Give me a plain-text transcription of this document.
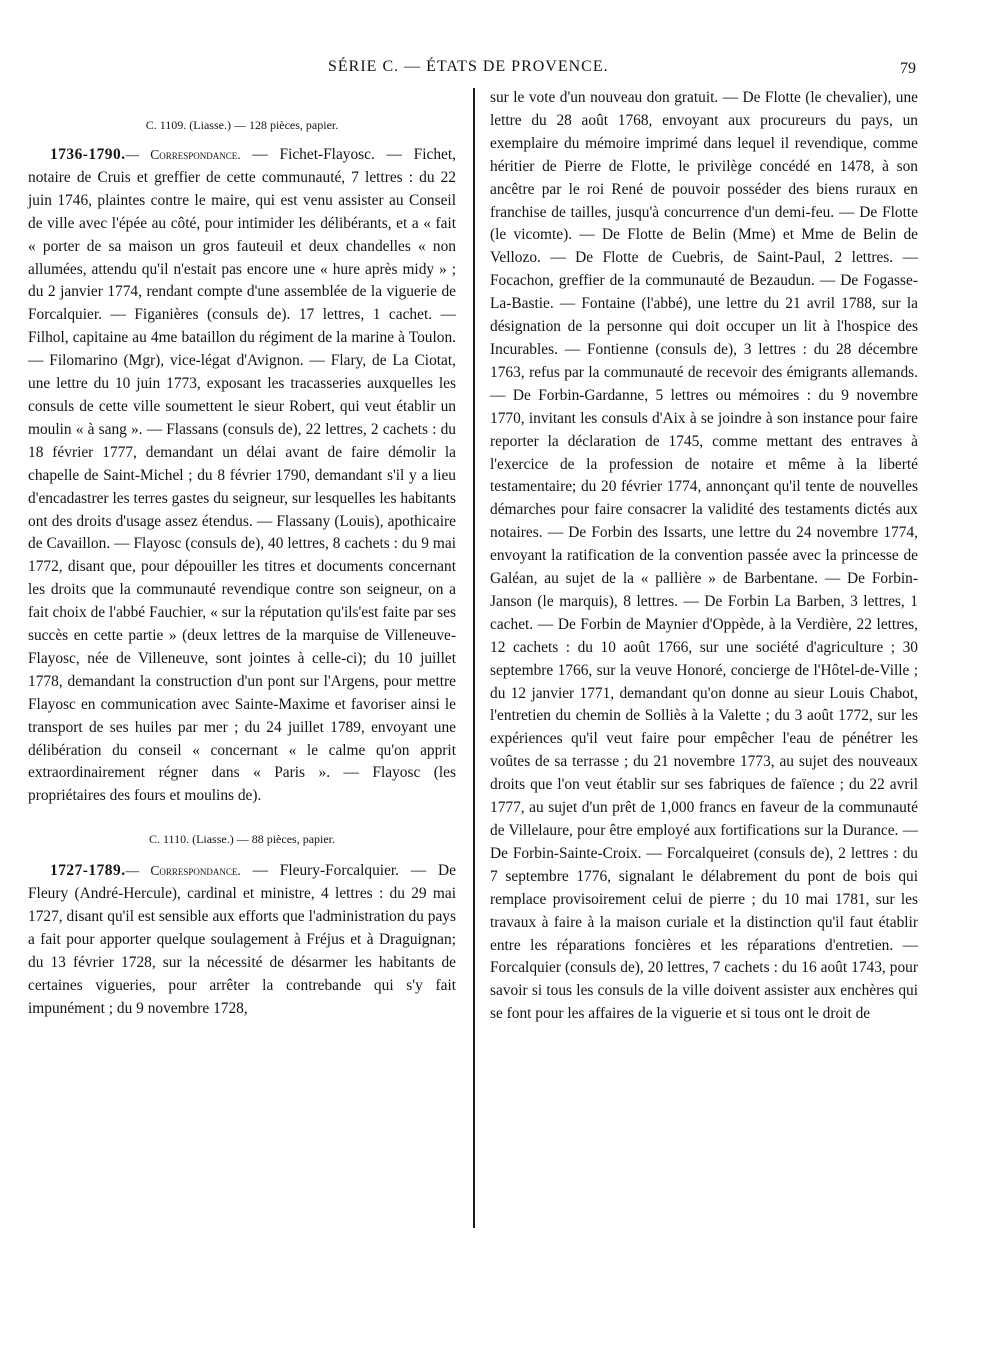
SÉRIE C. — ÉTATS DE PROVENCE.	79
C. 1109. (Liasse.) — 128 pièces, papier.

1736-1790.— Correspondance. — Fichet-Flayosc. — Fichet, notaire de Cruis et greffier de cette communauté, 7 lettres : du 22 juin 1746, plaintes contre le maire, qui est venu assister au Conseil de ville avec l'épée au côté, pour intimider les délibérants, et a « fait « porter de sa maison un gros fauteuil et deux chandelles « non allumées, attendu qu'il n'estait pas encore une « hure après midy » ; du 2 janvier 1774, rendant compte d'une assemblée de la viguerie de Forcalquier. — Figanières (consuls de). 17 lettres, 1 cachet. — Filhol, capitaine au 4me bataillon du régiment de la marine à Toulon. — Filomarino (Mgr), vice-légat d'Avignon. — Flary, de La Ciotat, une lettre du 10 juin 1773, exposant les tracasseries auxquelles les consuls de cette ville soumettent le sieur Robert, qui veut établir un moulin « à sang ». — Flassans (consuls de), 22 lettres, 2 cachets : du 18 février 1777, demandant un délai avant de faire démolir la chapelle de Saint-Michel ; du 8 février 1790, demandant s'il y a lieu d'encadastrer les terres gastes du seigneur, sur lesquelles les habitants ont des droits d'usage assez étendus. — Flassany (Louis), apothicaire de Cavaillon. — Flayosc (consuls de), 40 lettres, 8 cachets : du 9 mai 1772, disant que, pour dépouiller les titres et documents concernant les droits que la communauté revendique contre son seigneur, on a fait choix de l'abbé Fauchier, « sur la réputation qu'ils'est faite par ses succès en cette partie » (deux lettres de la marquise de Villeneuve-Flayosc, née de Villeneuve, sont jointes à celle-ci); du 10 juillet 1778, demandant la construction d'un pont sur l'Argens, pour mettre Flayosc en communication avec Sainte-Maxime et favoriser ainsi le transport de ses huiles par mer ; du 24 juillet 1789, envoyant une délibération du conseil « concernant « le calme qu'on apprit extraordinairement régner dans « Paris ». — Flayosc (les propriétaires des fours et moulins de).

C. 1110. (Liasse.) — 88 pièces, papier.

1727-1789.— Correspondance. — Fleury-Forcalquier. — De Fleury (André-Hercule), cardinal et ministre, 4 lettres : du 29 mai 1727, disant qu'il est sensible aux efforts que l'administration du pays a fait pour apporter quelque soulagement à Fréjus et à Draguignan; du 13 février 1728, sur la nécessité de désarmer les habitants de certaines vigueries, pour arrêter la contrebande qui s'y fait impunément ; du 9 novembre 1728,

sur le vote d'un nouveau don gratuit. — De Flotte (le chevalier), une lettre du 28 août 1768, envoyant aux procureurs du pays, un exemplaire du mémoire imprimé dans lequel il revendique, comme héritier de Pierre de Flotte, le privilège concédé en 1478, à son ancêtre par le roi René de pouvoir posséder des biens ruraux en franchise de tailles, jusqu'à concurrence d'un demi-feu. — De Flotte (le vicomte). — De Flotte de Belin (Mme) et Mme de Belin de Vellozo. — De Flotte de Cuebris, de Saint-Paul, 2 lettres. — Focachon, greffier de la communauté de Bezaudun. — De Fogasse-La-Bastie. — Fontaine (l'abbé), une lettre du 21 avril 1788, sur la désignation de la personne qui doit occuper un lit à l'hospice des Incurables. — Fontienne (consuls de), 3 lettres : du 28 décembre 1763, refus par la communauté de recevoir des émigrants allemands. — De Forbin-Gardanne, 5 lettres ou mémoires : du 9 novembre 1770, invitant les consuls d'Aix à se joindre à son instance pour faire reporter la déclaration de 1745, comme mettant des entraves à l'exercice de la profession de notaire et même à la liberté testamentaire; du 20 février 1774, annonçant qu'il tente de nouvelles démarches pour faire consacrer la validité des testaments dictés aux notaires. — De Forbin des Issarts, une lettre du 24 novembre 1774, envoyant la ratification de la convention passée avec la princesse de Galéan, au sujet de la « pallière » de Barbentane. — De Forbin-Janson (le marquis), 8 lettres. — De Forbin La Barben, 3 lettres, 1 cachet. — De Forbin de Maynier d'Oppède, à la Verdière, 22 lettres, 12 cachets : du 10 août 1766, sur une société d'agriculture ; 30 septembre 1766, sur la veuve Honoré, concierge de l'Hôtel-de-Ville ; du 12 janvier 1771, demandant qu'on donne au sieur Louis Chabot, l'entretien du chemin de Solliès à la Valette ; du 3 août 1772, sur les expériences qu'il veut faire pour empêcher l'eau de pénétrer les voûtes de sa terrasse ; du 21 novembre 1773, au sujet des nouveaux droits que l'on veut établir sur ses fabriques de faïence ; du 22 avril 1777, au sujet d'un prêt de 1,000 francs en faveur de la communauté de Villelaure, pour être employé aux fortifications sur la Durance. — De Forbin-Sainte-Croix. — Forcalqueiret (consuls de), 2 lettres : du 7 septembre 1776, signalant le délabrement du pont de bois qui remplace provisoirement celui de pierre ; du 10 mai 1781, sur les travaux à faire à la maison curiale et la distinction qu'il faut établir entre les réparations foncières et les réparations d'entretien. — Forcalquier (consuls de), 20 lettres, 7 cachets : du 16 août 1743, pour savoir si tous les consuls de la ville doivent assister aux enchères qui se font pour les affaires de la viguerie et si tous ont le droit de
